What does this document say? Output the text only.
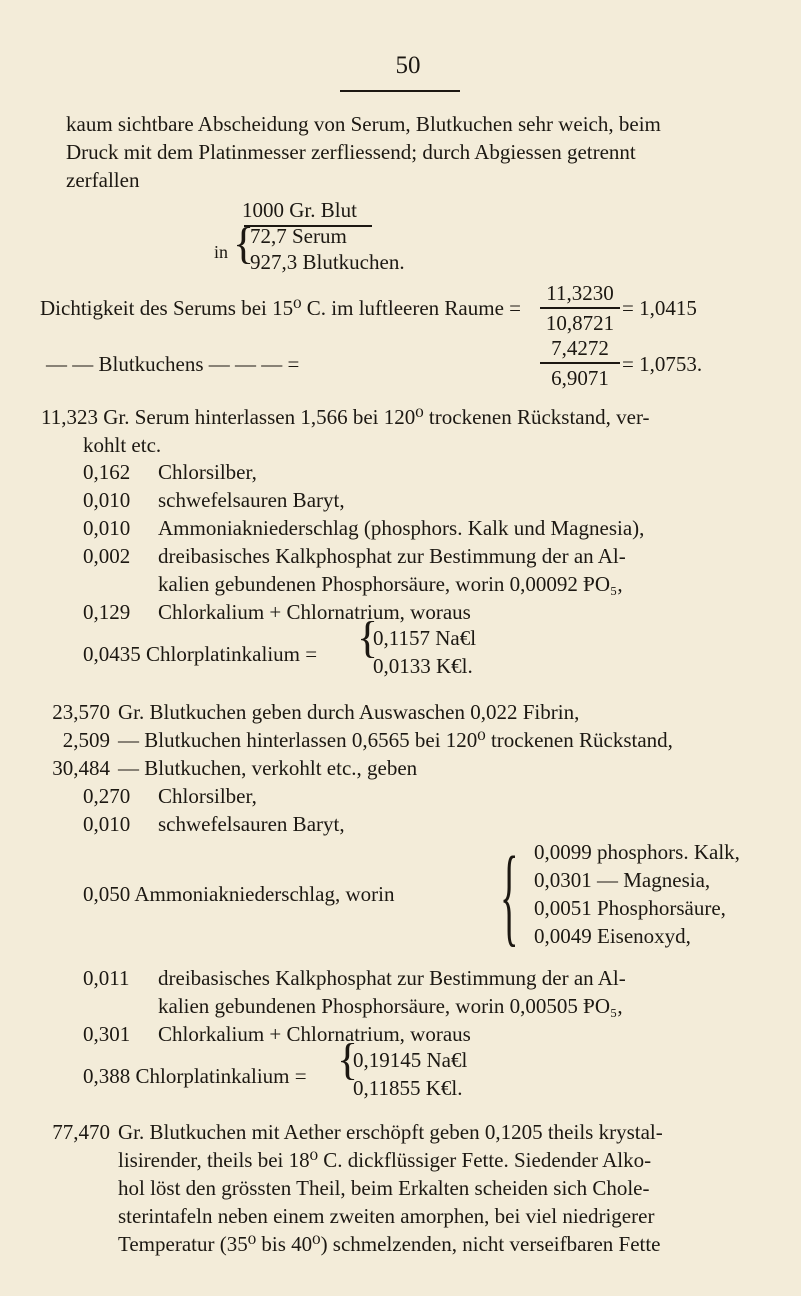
50
kaum sichtbare Abscheidung von Serum, Blutkuchen sehr weich, beim
Druck mit dem Platinmesser zerfliessend; durch Abgiessen getrennt
zerfallen
1000 Gr. Blut
in {
72,7 Serum
927,3 Blutkuchen.
Dichtigkeit des Serums bei 15⁰ C. im luftleeren Raume =
11,3230
10,8721
= 1,0415
— — Blutkuchens — — — =
7,4272
6,9071
= 1,0753.
11,323 Gr. Serum hinterlassen 1,566 bei 120⁰ trockenen Rückstand, ver-
kohlt etc.
0,162 Chlorsilber,
0,010 schwefelsauren Baryt,
0,010 Ammoniakniederschlag (phosphors. Kalk und Magnesia),
0,002 dreibasisches Kalkphosphat zur Bestimmung der an Al-
kalien gebundenen Phosphorsäure, worin 0,00092 ⱣO₅,
0,129 Chlorkalium + Chlornatrium, woraus
0,0435 Chlorplatinkalium = {
0,1157 Na€l
0,0133 K€l.
23,570 Gr. Blutkuchen geben durch Auswaschen 0,022 Fibrin,
2,509 — Blutkuchen hinterlassen 0,6565 bei 120⁰ trockenen Rückstand,
30,484 — Blutkuchen, verkohlt etc., geben
0,270 Chlorsilber,
0,010 schwefelsauren Baryt,
0,050 Ammoniakniederschlag, worin { 0,0099 phosphors. Kalk,
0,0301 — Magnesia,
0,0051 Phosphorsäure,
0,0049 Eisenoxyd,
0,011 dreibasisches Kalkphosphat zur Bestimmung der an Al-
kalien gebundenen Phosphorsäure, worin 0,00505 ⱣO₅,
0,301 Chlorkalium + Chlornatrium, woraus
0,388 Chlorplatinkalium = {
0,19145 Na€l
0,11855 K€l.
77,470 Gr. Blutkuchen mit Aether erschöpft geben 0,1205 theils krystal-
lisirender, theils bei 18⁰ C. dickflüssiger Fette. Siedender Alko-
hol löst den grössten Theil, beim Erkalten scheiden sich Chole-
sterintafeln neben einem zweiten amorphen, bei viel niedrigerer
Temperatur (35⁰ bis 40⁰) schmelzenden, nicht verseifbaren Fette
